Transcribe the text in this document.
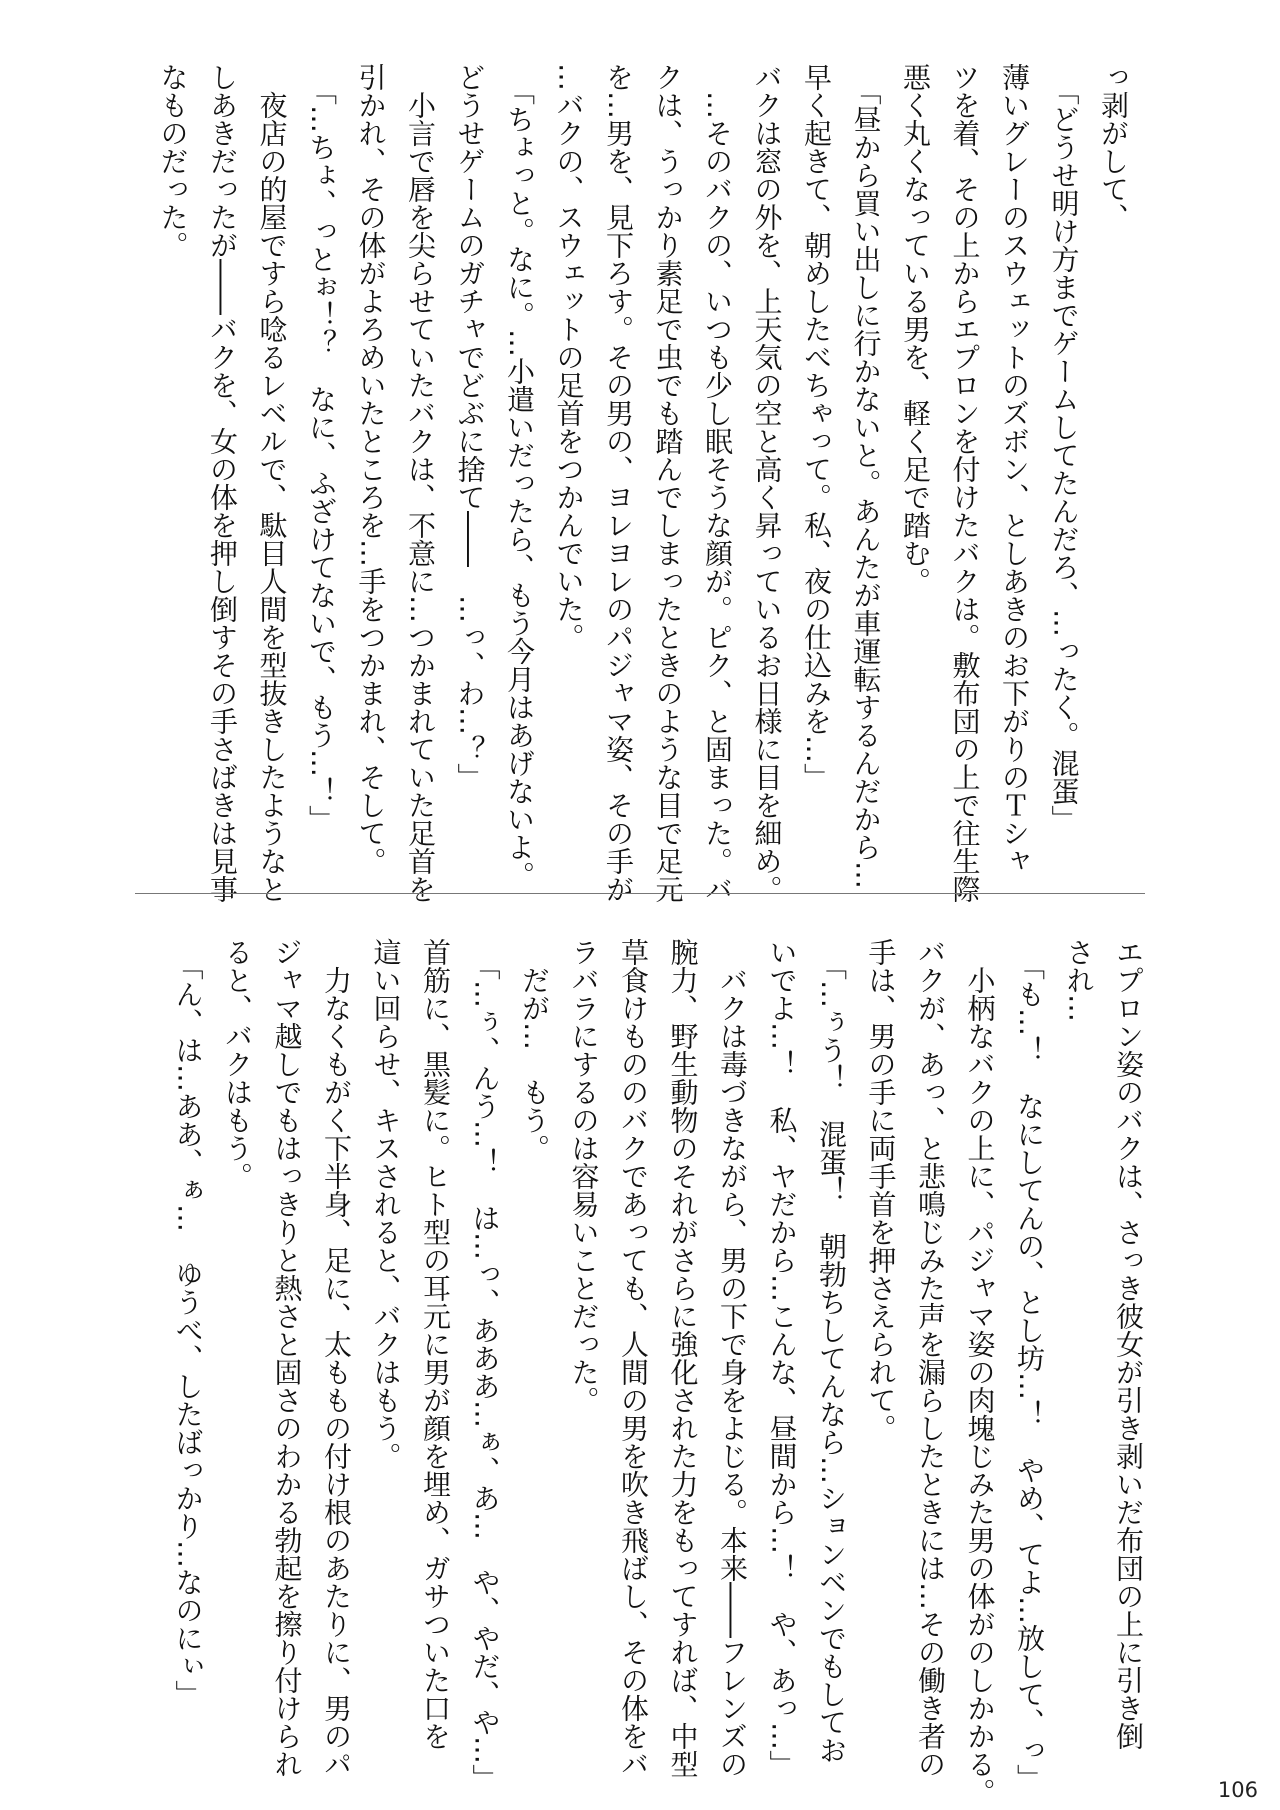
っ剥がして、
　「どうせ明け方までゲームしてたんだろ、…ったく。混蛋」
薄いグレーのスウェットのズボン、としあきのお下がりのＴシャ
ツを着、その上からエプロンを付けたバクは。敷布団の上で往生際
悪く丸くなっている男を、軽く足で踏む。
　「昼から買い出しに行かないと。あんたが車運転するんだから…
早く起きて、朝めしたべちゃって。私、夜の仕込みを…」
バクは窓の外を、上天気の空と高く昇っているお日様に目を細め。
　…そのバクの、いつも少し眠そうな顔が。ピク、と固まった。バ
クは、うっかり素足で虫でも踏んでしまったときのような目で足元
を…男を、見下ろす。その男の、ヨレヨレのパジャマ姿、その手が
…バクの、スウェットの足首をつかんでいた。
　「ちょっと。なに。…小遣いだったら、もう今月はあげないよ。
どうせゲームのガチャでどぶに捨て――　…っ、わ…？」
　小言で唇を尖らせていたバクは、不意に…つかまれていた足首を
引かれ、その体がよろめいたところを…手をつかまれ、そして。
　「…ちょ、っとぉ！？　なに、ふざけてないで、もう…！」
　夜店の的屋ですら唸るレベルで、駄目人間を型抜きしたようなと
しあきだったが――バクを、女の体を押し倒すその手さばきは見事
なものだった。
エプロン姿のバクは、さっき彼女が引き剥いだ布団の上に引き倒
され…
　「も…！　なにしてんの、とし坊…！　やめ、てよ…放して、っ」
　小柄なバクの上に、パジャマ姿の肉塊じみた男の体がのしかかる。
バクが、あっ、と悲鳴じみた声を漏らしたときには…その働き者の
手は、男の手に両手首を押さえられて。
　「…ぅう！　混蛋！　朝勃ちしてんなら…ションベンでもしてお
いでよ…！　私、ヤだから…こんな、昼間から…！　や、あっ…」
　バクは毒づきながら、男の下で身をよじる。本来――フレンズの
腕力、野生動物のそれがさらに強化された力をもってすれば、中型
草食けもののバクであっても、人間の男を吹き飛ばし、その体をバ
ラバラにするのは容易いことだった。
　だが…　もう。
　「…ぅ、んう…！　は…っ、あああ…ぁ、あ…　や、やだ、や…」
首筋に、黒髪に。ヒト型の耳元に男が顔を埋め、ガサついた口を
這い回らせ、キスされると、バクはもう。
　力なくもがく下半身、足に、太ももの付け根のあたりに、男のパ
ジャマ越しでもはっきりと熱さと固さのわかる勃起を擦り付けられ
ると、バクはもう。
　「ん、は…ああ、ぁ…　ゆうべ、したばっかり…なのにぃ」
106
